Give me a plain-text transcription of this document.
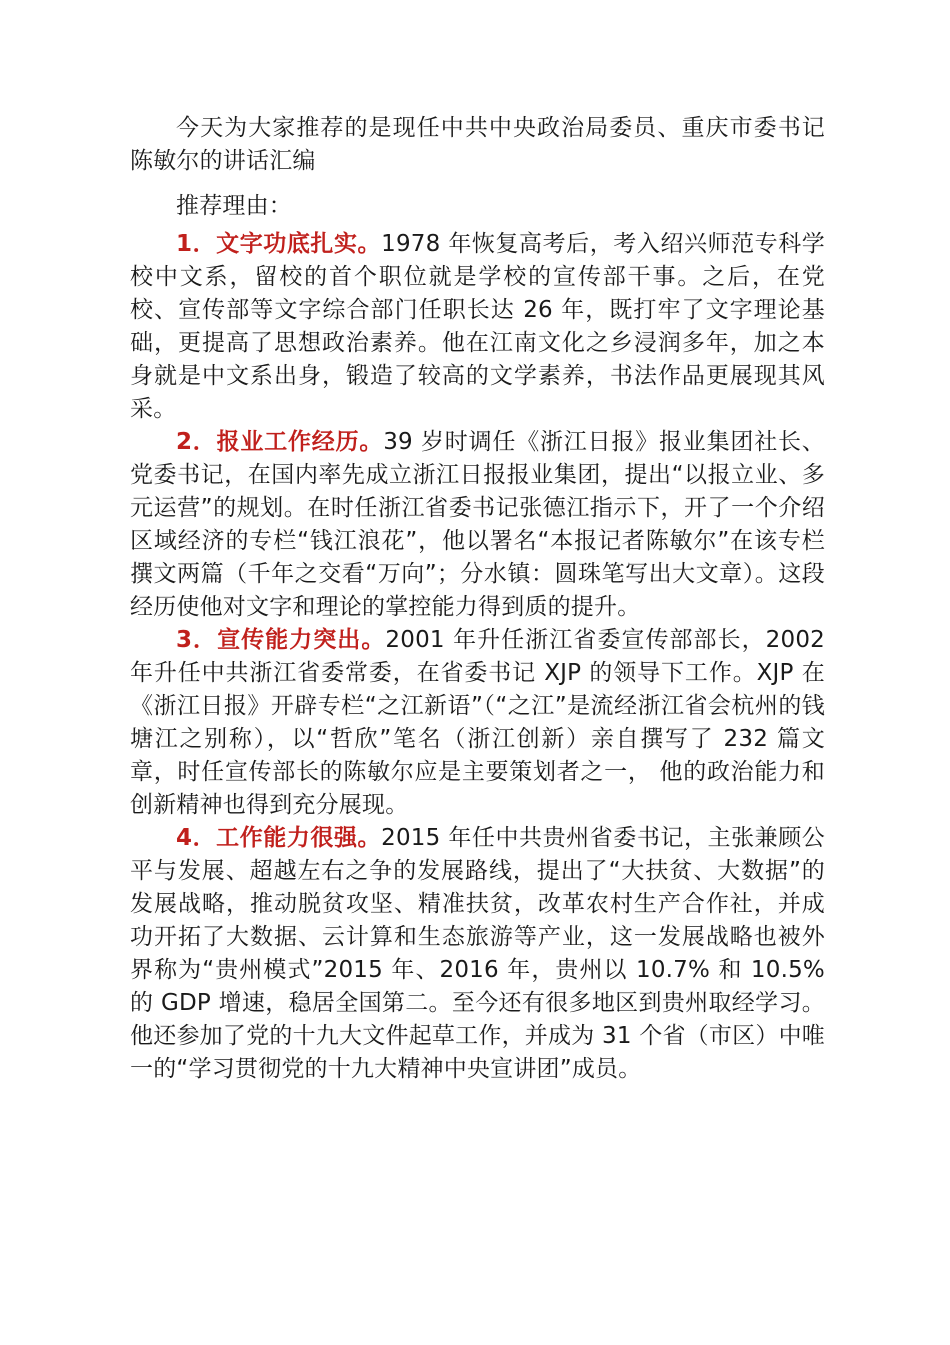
今天为大家推荐的是现任中共中央政治局委员、重庆市委书记陈敏尔的讲话汇编

推荐理由：

1．文字功底扎实。1978 年恢复高考后，考入绍兴师范专科学校中文系，留校的首个职位就是学校的宣传部干事。之后，在党校、宣传部等文字综合部门任职长达 26 年，既打牢了文字理论基础，更提高了思想政治素养。他在江南文化之乡浸润多年，加之本身就是中文系出身，锻造了较高的文学素养，书法作品更展现其风采。

2．报业工作经历。39 岁时调任《浙江日报》报业集团社长、党委书记，在国内率先成立浙江日报报业集团，提出“以报立业、多元运营”的规划。在时任浙江省委书记张德江指示下，开了一个介绍区域经济的专栏“钱江浪花”，他以署名“本报记者陈敏尔”在该专栏撰文两篇（千年之交看“万向”；分水镇：圆珠笔写出大文章）。这段经历使他对文字和理论的掌控能力得到质的提升。

3．宣传能力突出。2001 年升任浙江省委宣传部部长，2002 年升任中共浙江省委常委，在省委书记 XJP 的领导下工作。XJP 在《浙江日报》开辟专栏“之江新语”（“之江”是流经浙江省会杭州的钱塘江之别称），以“哲欣”笔名（浙江创新）亲自撰写了 232 篇文章，时任宣传部长的陈敏尔应是主要策划者之一， 他的政治能力和创新精神也得到充分展现。

4．工作能力很强。2015 年任中共贵州省委书记，主张兼顾公平与发展、超越左右之争的发展路线，提出了“大扶贫、大数据”的发展战略，推动脱贫攻坚、精准扶贫，改革农村生产合作社，并成功开拓了大数据、云计算和生态旅游等产业，这一发展战略也被外界称为“贵州模式”2015 年、2016 年，贵州以 10.7% 和 10.5%的 GDP 增速，稳居全国第二。至今还有很多地区到贵州取经学习。他还参加了党的十九大文件起草工作，并成为 31 个省（市区）中唯一的“学习贯彻党的十九大精神中央宣讲团”成员。
